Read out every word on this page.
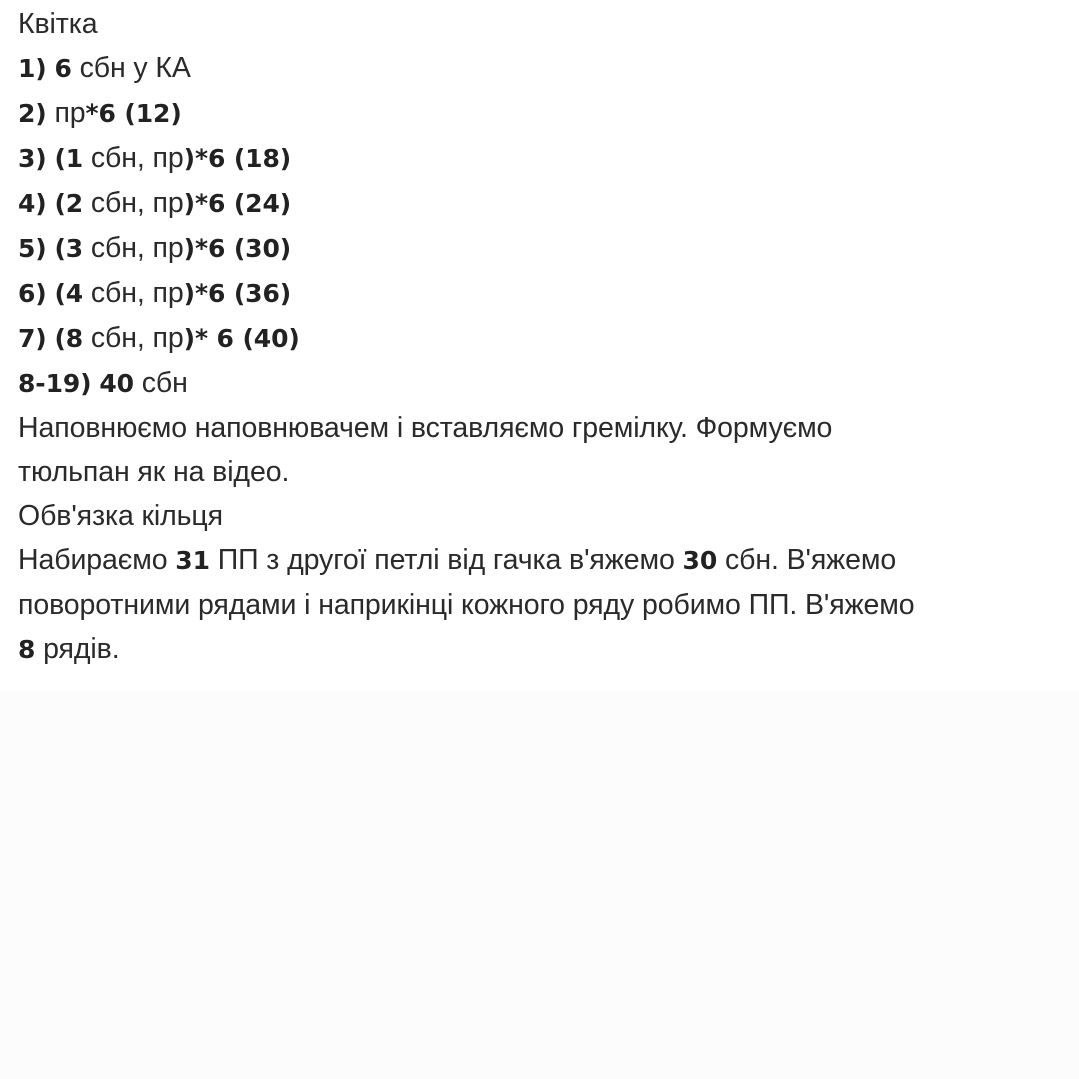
Квітка
1) 6 сбн у КА
2) пр*6 (12)
3) (1 сбн, пр)*6 (18)
4) (2 сбн, пр)*6 (24)
5) (3 сбн, пр)*6 (30)
6) (4 сбн, пр)*6 (36)
7) (8 сбн, пр)* 6 (40)
8-19) 40 сбн
Наповнюємо наповнювачем і вставляємо гремілку. Формуємо
тюльпан як на відео.
Обв'язка кільця
Набираємо 31 ПП з другої петлі від гачка в'яжемо 30 сбн. В'яжемо
поворотними рядами і наприкінці кожного ряду робимо ПП. В'яжемо
8 рядів.
